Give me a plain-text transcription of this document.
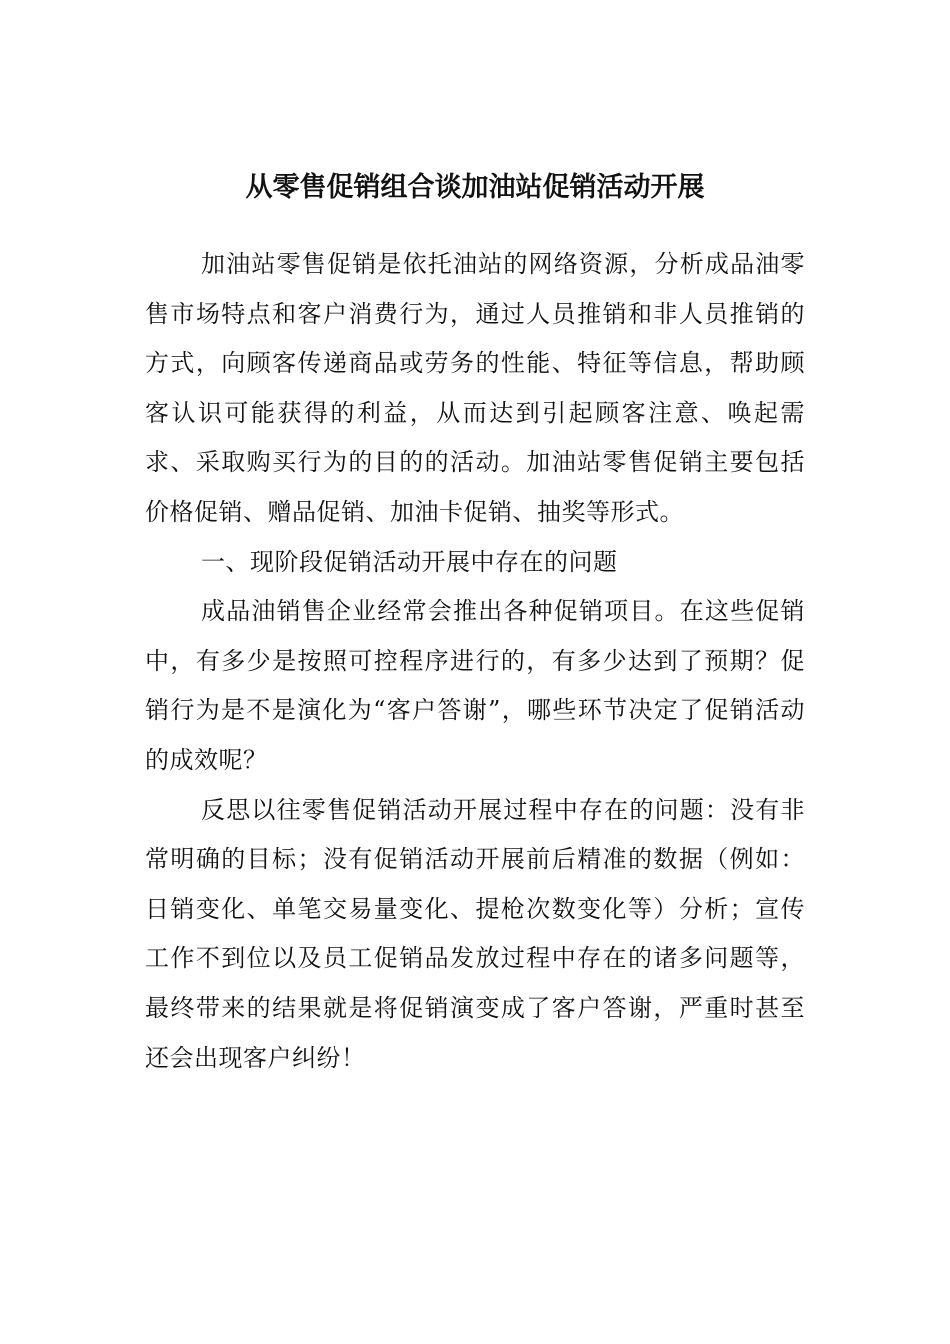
从零售促销组合谈加油站促销活动开展

加油站零售促销是依托油站的网络资源，分析成品油零售市场特点和客户消费行为，通过人员推销和非人员推销的方式，向顾客传递商品或劳务的性能、特征等信息，帮助顾客认识可能获得的利益，从而达到引起顾客注意、唤起需求、采取购买行为的目的的活动。加油站零售促销主要包括价格促销、赠品促销、加油卡促销、抽奖等形式。

一、现阶段促销活动开展中存在的问题

成品油销售企业经常会推出各种促销项目。在这些促销中，有多少是按照可控程序进行的，有多少达到了预期？促销行为是不是演化为“客户答谢”，哪些环节决定了促销活动的成效呢？

反思以往零售促销活动开展过程中存在的问题：没有非常明确的目标；没有促销活动开展前后精准的数据（例如：日销变化、单笔交易量变化、提枪次数变化等）分析；宣传工作不到位以及员工促销品发放过程中存在的诸多问题等，最终带来的结果就是将促销演变成了客户答谢，严重时甚至还会出现客户纠纷！
